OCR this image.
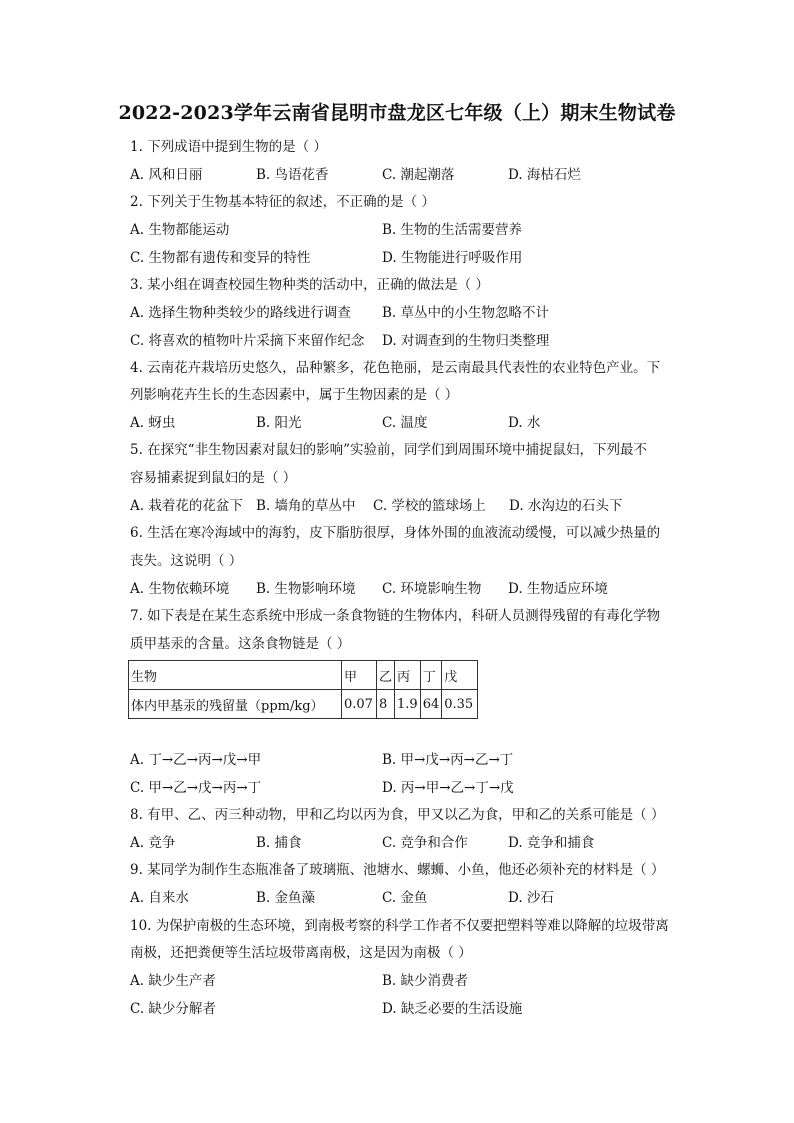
2022-2023学年云南省昆明市盘龙区七年级（上）期末生物试卷
1. 下列成语中提到生物的是（ ）
A. 风和日丽	B. 鸟语花香	C. 潮起潮落	D. 海枯石烂
2. 下列关于生物基本特征的叙述，不正确的是（ ）
A. 生物都能运动	B. 生物的生活需要营养
C. 生物都有遗传和变异的特性	D. 生物能进行呼吸作用
3. 某小组在调查校园生物种类的活动中，正确的做法是（ ）
A. 选择生物种类较少的路线进行调查 B. 草丛中的小生物忽略不计
C. 将喜欢的植物叶片采摘下来留作纪念 D. 对调查到的生物归类整理
4. 云南花卉栽培历史悠久，品种繁多，花色艳丽，是云南最具代表性的农业特色产业。下
列影响花卉生长的生态因素中，属于生物因素的是（ ）
A. 蚜虫	B. 阳光	C. 温度	D. 水
5. 在探究“非生物因素对鼠妇的影响”实验前，同学们到周围环境中捕捉鼠妇，下列最不
容易捕素捉到鼠妇的是（ ）
A. 栽着花的花盆下 B. 墙角的草丛中 C. 学校的篮球场上 D. 水沟边的石头下
6. 生活在寒冷海域中的海豹，皮下脂肪很厚，身体外围的血液流动缓慢，可以减少热量的
丧失。这说明（ ）
A. 生物依赖环境 B. 生物影响环境 C. 环境影响生物 D. 生物适应环境
7. 如下表是在某生态系统中形成一条食物链的生物体内，科研人员测得残留的有毒化学物
质甲基汞的含量。这条食物链是（ ）
生物	甲	乙	丙	丁	戊
体内甲基汞的残留量（ppm/kg）	0.07	8	1.9	64	0.35
A. 丁→乙→丙→戊→甲	B. 甲→戊→丙→乙→丁
C. 甲→乙→戊→丙→丁	D. 丙→甲→乙→丁→戊
8. 有甲、乙、丙三种动物，甲和乙均以丙为食，甲又以乙为食，甲和乙的关系可能是（ ）
A. 竞争	B. 捕食	C. 竞争和合作	D. 竞争和捕食
9. 某同学为制作生态瓶准备了玻璃瓶、池塘水、螺蛳、小鱼，他还必须补充的材料是（ ）
A. 自来水	B. 金鱼藻	C. 金鱼	D. 沙石
10. 为保护南极的生态环境，到南极考察的科学工作者不仅要把塑料等难以降解的垃圾带离
南极，还把粪便等生活垃圾带离南极，这是因为南极（ ）
A. 缺少生产者	B. 缺少消费者
C. 缺少分解者	D. 缺乏必要的生活设施
